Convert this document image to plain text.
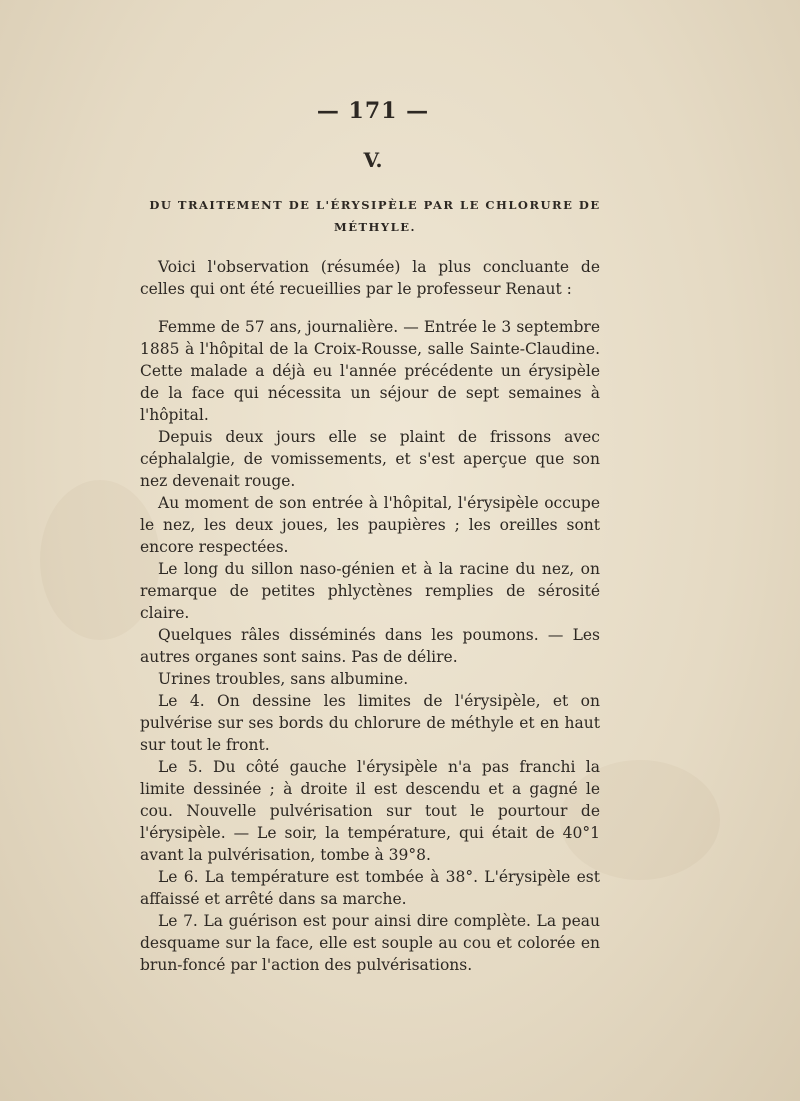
— 171 —
V.
DU TRAITEMENT DE L'ÉRYSIPÈLE PAR LE CHLORURE DE MÉTHYLE.

Voici l'observation (résumée) la plus concluante de celles qui ont été recueillies par le professeur Renaut :

Femme de 57 ans, journalière. — Entrée le 3 septembre 1885 à l'hôpital de la Croix-Rousse, salle Sainte-Claudine. Cette malade a déjà eu l'année précédente un érysipèle de la face qui nécessita un séjour de sept semaines à l'hôpital.

Depuis deux jours elle se plaint de frissons avec céphalalgie, de vomissements, et s'est aperçue que son nez devenait rouge.

Au moment de son entrée à l'hôpital, l'érysipèle occupe le nez, les deux joues, les paupières ; les oreilles sont encore respectées.

Le long du sillon naso-génien et à la racine du nez, on remarque de petites phlyctènes remplies de sérosité claire.

Quelques râles disséminés dans les poumons. — Les autres organes sont sains. Pas de délire.

Urines troubles, sans albumine.

Le 4. On dessine les limites de l'érysipèle, et on pulvérise sur ses bords du chlorure de méthyle et en haut sur tout le front.

Le 5. Du côté gauche l'érysipèle n'a pas franchi la limite dessinée ; à droite il est descendu et a gagné le cou. Nouvelle pulvérisation sur tout le pourtour de l'érysipèle. — Le soir, la température, qui était de 40°1 avant la pulvérisation, tombe à 39°8.

Le 6. La température est tombée à 38°. L'érysipèle est affaissé et arrêté dans sa marche.

Le 7. La guérison est pour ainsi dire complète. La peau desquame sur la face, elle est souple au cou et colorée en brun-foncé par l'action des pulvérisations.
